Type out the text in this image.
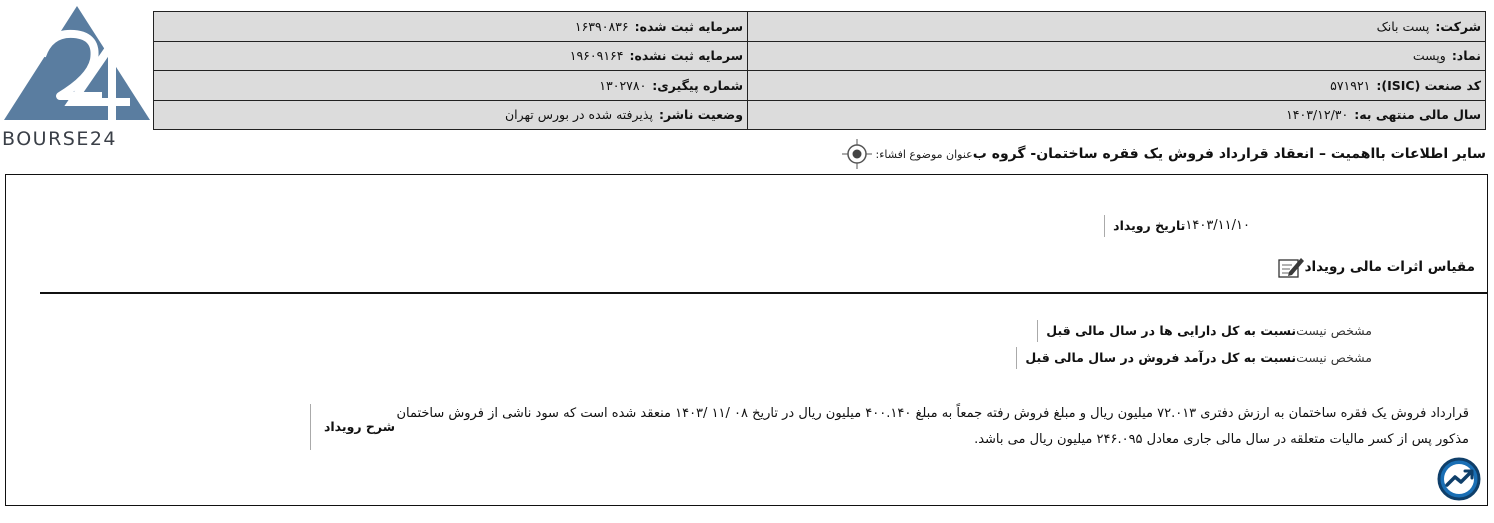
BOURSE24
سرمایه ثبت شده:۱۶۳۹۰۸۳۶	شرکت:پست بانک
سرمایه ثبت نشده:۱۹۶۰۹۱۶۴	نماد:وپست
شماره پیگیری:۱۳۰۲۷۸۰	کد صنعت (ISIC):۵۷۱۹۲۱
وضعیت ناشر:پذیرفته شده در بورس تهران	سال مالی منتهی به:۱۴۰۳/۱۲/۳۰
عنوان موضوع افشاء: سایر اطلاعات بااهمیت – انعقاد قرارداد فروش یک فقره ساختمان- گروه ب
تاریخ رویداد ۱۴۰۳/۱۱/۱۰
مقیاس اثرات مالی رویداد
نسبت به کل دارایی ها در سال مالی قبل مشخص نیست
نسبت به کل درآمد فروش در سال مالی قبل مشخص نیست
شرح رویداد
قرارداد فروش یک فقره ساختمان به ارزش دفتری ۷۲.۰۱۳ میلیون ریال و مبلغ فروش رفته جمعاً به مبلغ ۴۰۰.۱۴۰ میلیون ریال در تاریخ ۰۸ /۱۱ /۱۴۰۳ منعقد شده است که سود ناشی از فروش ساختمان
مذکور پس از کسر مالیات متعلقه در سال مالی جاری معادل ۲۴۶.۰۹۵ میلیون ریال می باشد.
